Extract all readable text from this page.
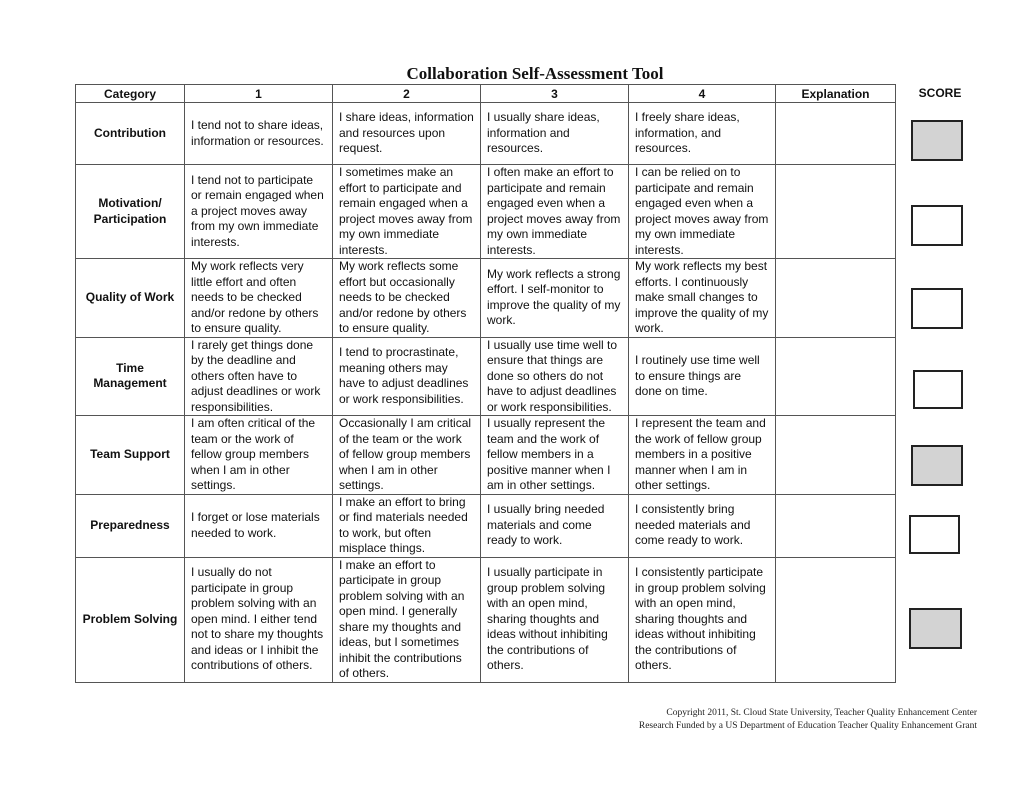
Collaboration Self-Assessment Tool
Category	1	2	3	4	Explanation
Contribution	I tend not to share ideas, information or resources.	I share ideas, information and resources upon request.	I usually share ideas, information and resources.	I freely share ideas, information, and resources.	
Motivation/ Participation	I tend not to participate or remain engaged when a project moves away from my own immediate interests.	I sometimes make an effort to participate and remain engaged when a project moves away from my own immediate interests.	I often make an effort to participate and remain engaged even when a project moves away from my own immediate interests.	I can be relied on to participate and remain engaged even when a project moves away from my own immediate interests.	
Quality of Work	My work reflects very little effort and often needs to be checked and/or redone by others to ensure quality.	My work reflects some effort but occasionally needs to be checked and/or redone by others to ensure quality.	My work reflects a strong effort. I self-monitor to improve the quality of my work.	My work reflects my best efforts. I continuously make small changes to improve the quality of my work.	
Time Management	I rarely get things done by the deadline and others often have to adjust deadlines or work responsibilities.	I tend to procrastinate, meaning others may have to adjust deadlines or work responsibilities.	I usually use time well to ensure that things are done so others do not have to adjust deadlines or work responsibilities.	I routinely use time well to ensure things are done on time.	
Team Support	I am often critical of the team or the work of fellow group members when I am in other settings.	Occasionally I am critical of the team or the work of fellow group members when I am in other settings.	I usually represent the team and the work of fellow members in a positive manner when I am in other settings.	I represent the team and the work of fellow group members in a positive manner when I am in other settings.	
Preparedness	I forget or lose materials needed to work.	I make an effort to bring or find materials needed to work, but often misplace things.	I usually bring needed materials and come ready to work.	I consistently bring needed materials and come ready to work.	
Problem Solving	I usually do not participate in group problem solving with an open mind. I either tend not to share my thoughts and ideas or I inhibit the contributions of others.	I make an effort to participate in group problem solving with an open mind. I generally share my thoughts and ideas, but I sometimes inhibit the contributions of others.	I usually participate in group problem solving with an open mind, sharing thoughts and ideas without inhibiting the contributions of others.	I consistently participate in group problem solving with an open mind, sharing thoughts and ideas without inhibiting the contributions of others.	
SCORE
Copyright 2011, St. Cloud State University, Teacher Quality Enhancement Center
Research Funded by a US Department of Education Teacher Quality Enhancement Grant
